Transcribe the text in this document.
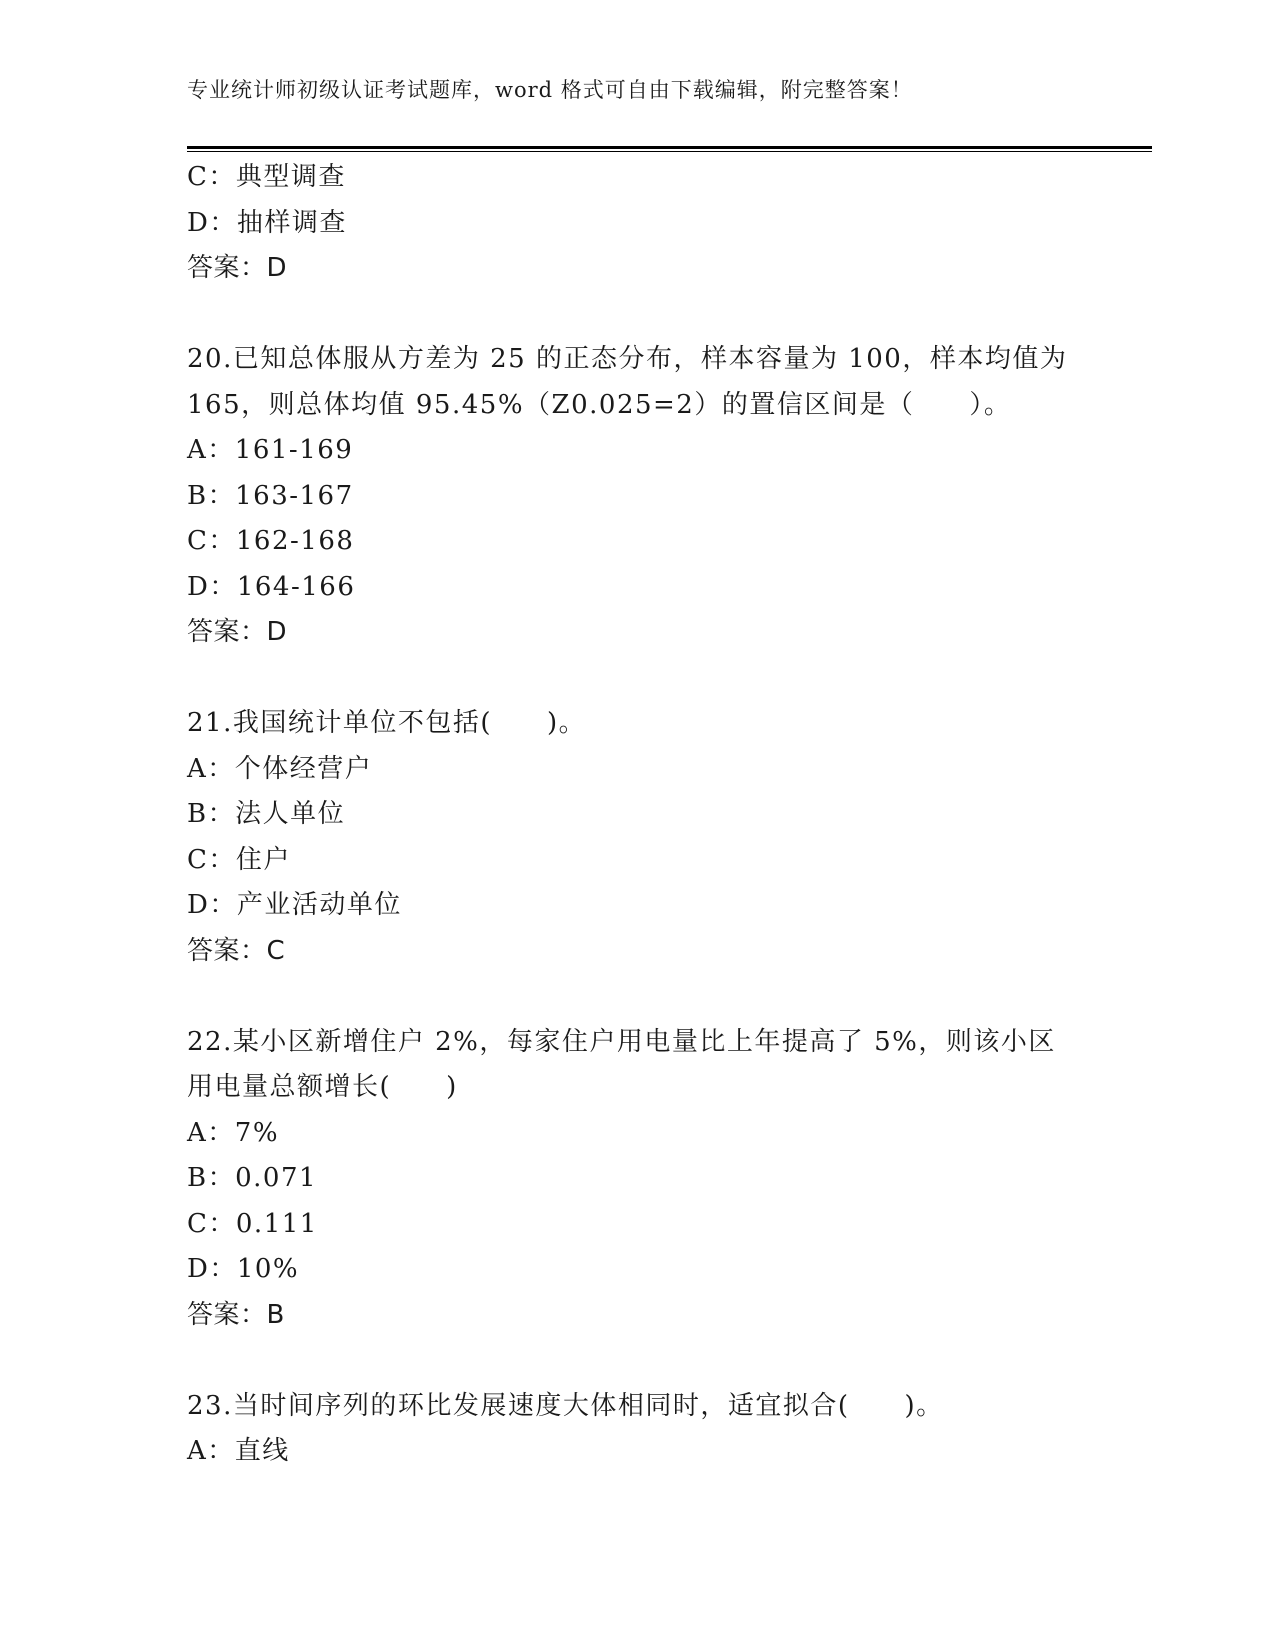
专业统计师初级认证考试题库，word 格式可自由下载编辑，附完整答案！
C：典型调查
D：抽样调查
答案：D
20.已知总体服从方差为 25 的正态分布，样本容量为 100，样本均值为
165，则总体均值 95.45%（Z0.025=2）的置信区间是（　　）。
A：161-169
B：163-167
C：162-168
D：164-166
答案：D
21.我国统计单位不包括(　　)。
A：个体经营户
B：法人单位
C：住户
D：产业活动单位
答案：C
22.某小区新增住户 2%，每家住户用电量比上年提高了 5%，则该小区
用电量总额增长(　　)
A：7%
B：0.071
C：0.111
D：10%
答案：B
23.当时间序列的环比发展速度大体相同时，适宜拟合(　　)。
A：直线
